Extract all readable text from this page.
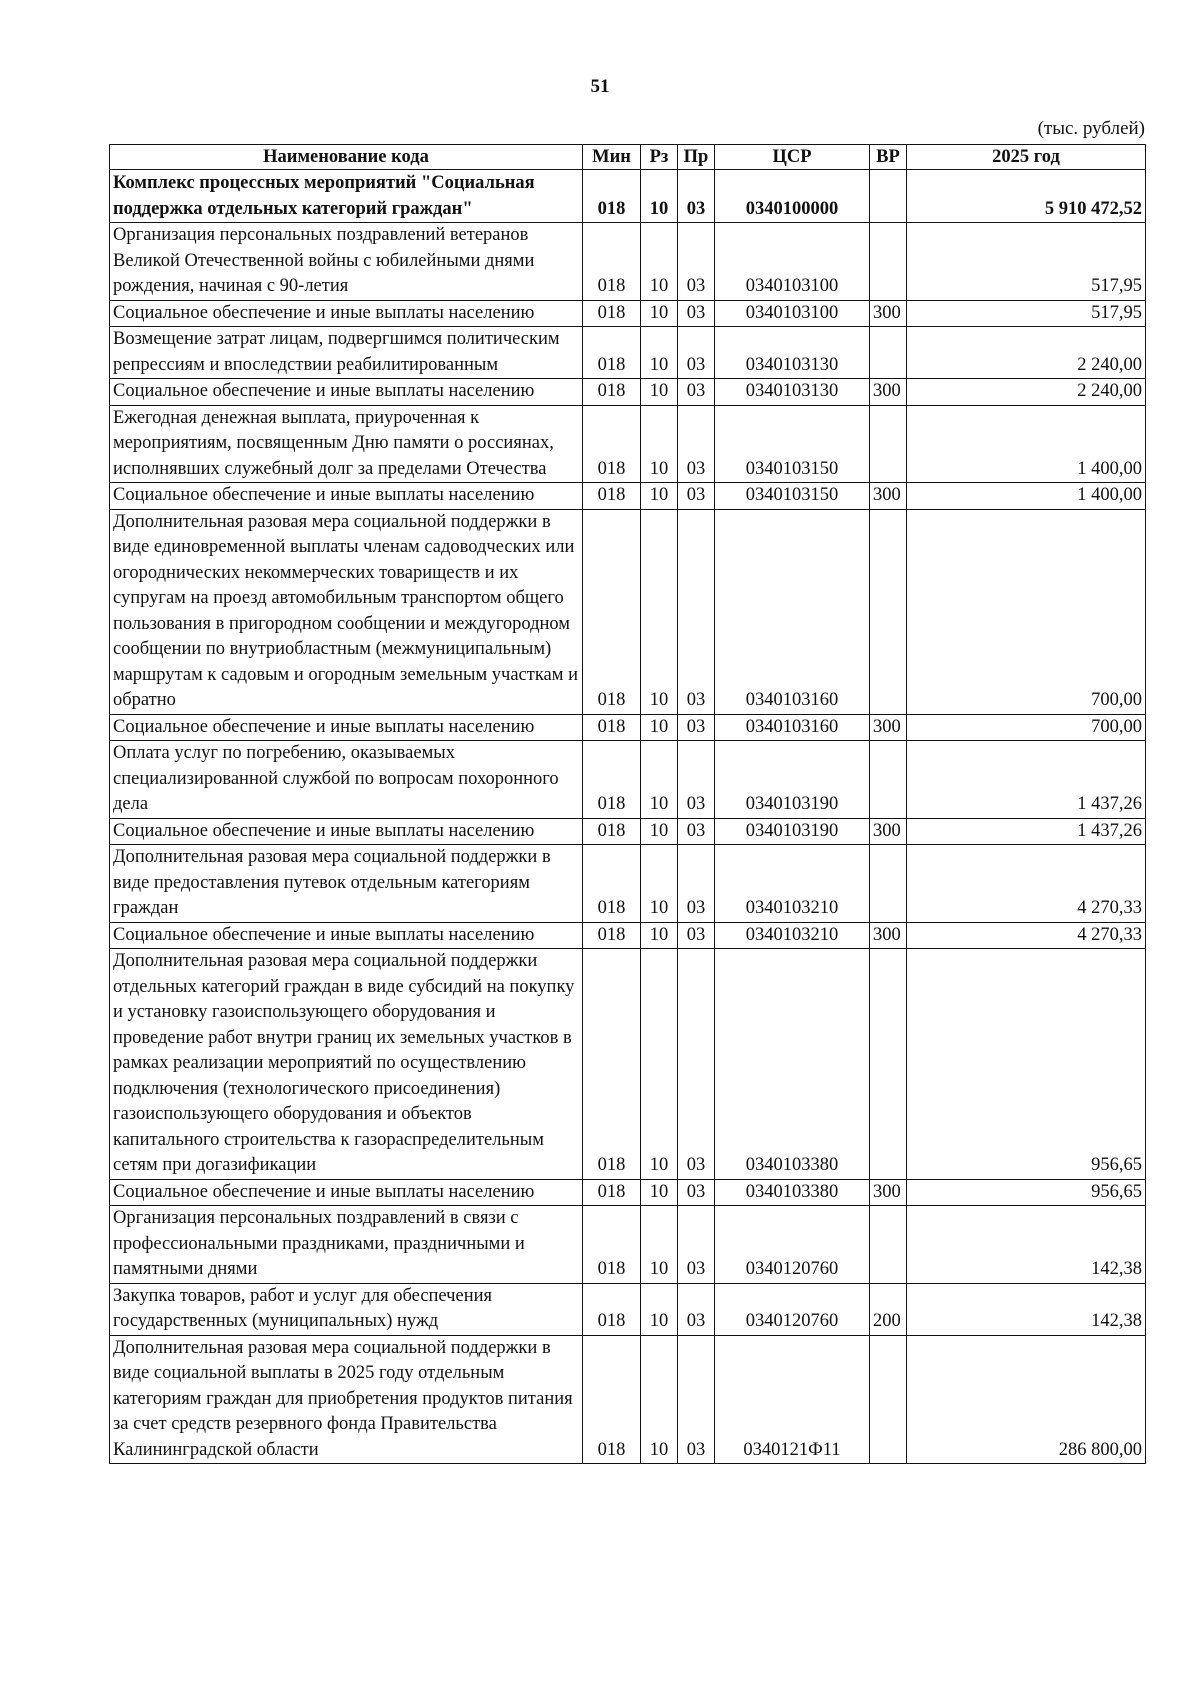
51
(тыс. рублей)
Наименование кода	Мин	Рз	Пр	ЦСР	ВР	2025 год
Комплекс процессных мероприятий "Социальная поддержка отдельных категорий граждан"	018	10	03	0340100000		5 910 472,52
Организация персональных поздравлений ветеранов Великой Отечественной войны с юбилейными днями рождения, начиная с 90-летия	018	10	03	0340103100		517,95
Социальное обеспечение и иные выплаты населению	018	10	03	0340103100	300	517,95
Возмещение затрат лицам, подвергшимся политическим репрессиям и впоследствии реабилитированным	018	10	03	0340103130		2 240,00
Социальное обеспечение и иные выплаты населению	018	10	03	0340103130	300	2 240,00
Ежегодная денежная выплата, приуроченная к мероприятиям, посвященным Дню памяти о россиянах, исполнявших служебный долг за пределами Отечества	018	10	03	0340103150		1 400,00
Социальное обеспечение и иные выплаты населению	018	10	03	0340103150	300	1 400,00
Дополнительная разовая мера социальной поддержки в виде единовременной выплаты членам садоводческих или огороднических некоммерческих товариществ и их супругам на проезд автомобильным транспортом общего пользования в пригородном сообщении и междугородном сообщении по внутриобластным (межмуниципальным) маршрутам к садовым и огородным земельным участкам и обратно	018	10	03	0340103160		700,00
Социальное обеспечение и иные выплаты населению	018	10	03	0340103160	300	700,00
Оплата услуг по погребению, оказываемых специализированной службой по вопросам похоронного дела	018	10	03	0340103190		1 437,26
Социальное обеспечение и иные выплаты населению	018	10	03	0340103190	300	1 437,26
Дополнительная разовая мера социальной поддержки в виде предоставления путевок отдельным категориям граждан	018	10	03	0340103210		4 270,33
Социальное обеспечение и иные выплаты населению	018	10	03	0340103210	300	4 270,33
Дополнительная разовая мера социальной поддержки отдельных категорий граждан в виде субсидий на покупку и установку газоиспользующего оборудования и проведение работ внутри границ их земельных участков в рамках реализации мероприятий по осуществлению подключения (технологического присоединения) газоиспользующего оборудования и объектов капитального строительства к газораспределительным сетям при догазификации	018	10	03	0340103380		956,65
Социальное обеспечение и иные выплаты населению	018	10	03	0340103380	300	956,65
Организация персональных поздравлений в связи с профессиональными праздниками, праздничными и памятными днями	018	10	03	0340120760		142,38
Закупка товаров, работ и услуг для обеспечения государственных (муниципальных) нужд	018	10	03	0340120760	200	142,38
Дополнительная разовая мера социальной поддержки в виде социальной выплаты в 2025 году отдельным категориям граждан для приобретения продуктов питания за счет средств резервного фонда Правительства Калининградской области	018	10	03	0340121Ф11		286 800,00
